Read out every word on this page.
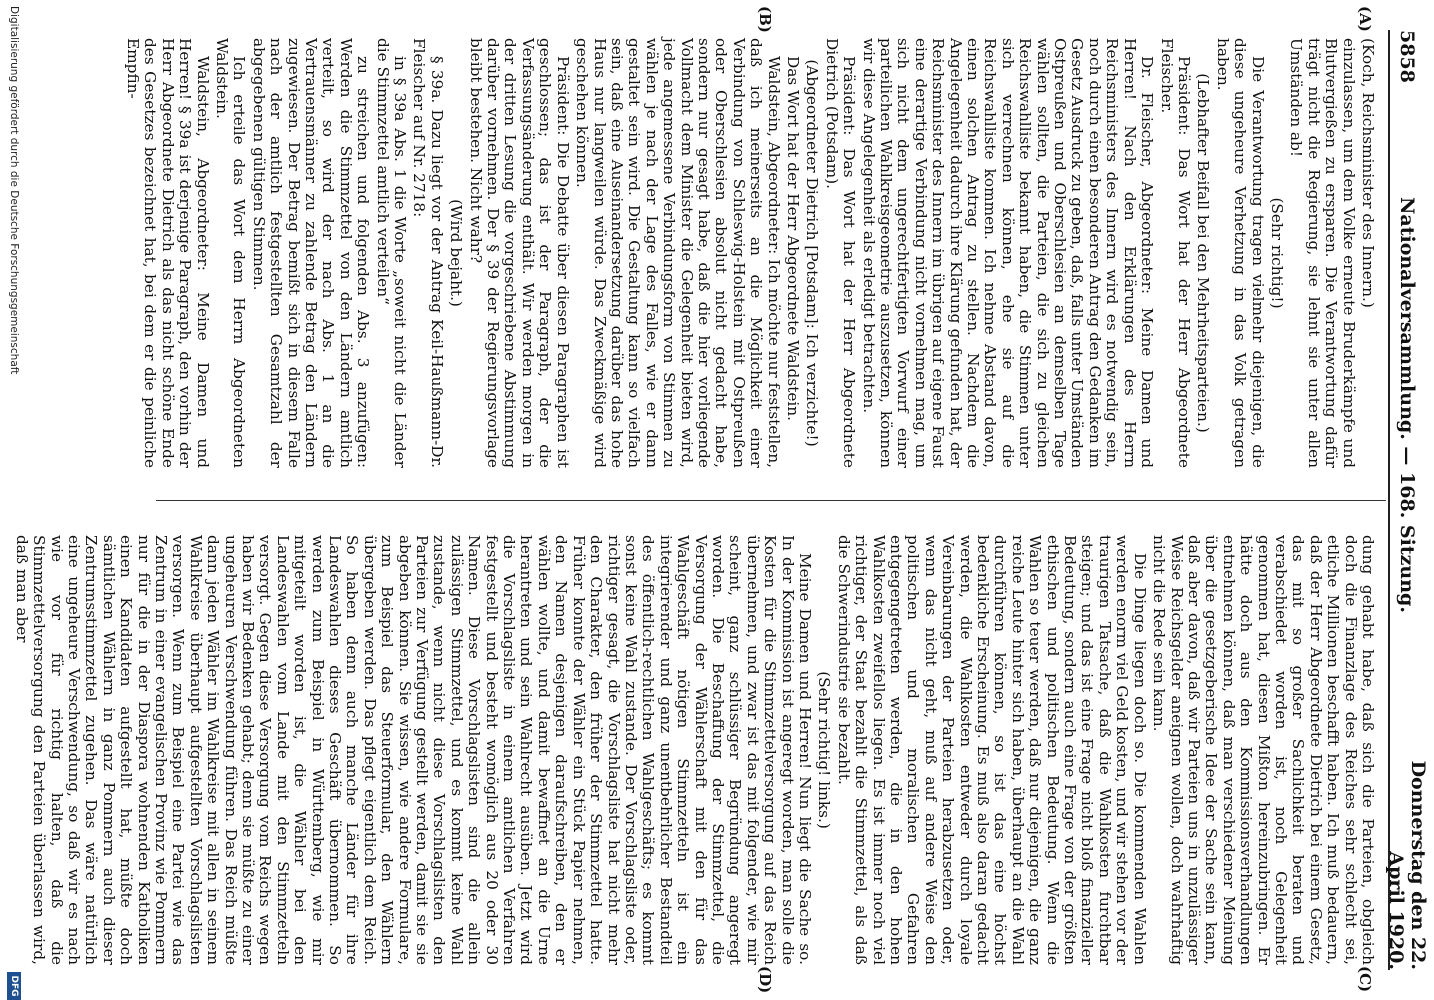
5858
Nationalversammlung. — 168. Sitzung.
Donnerstag den 22. April 1920.
(A)
(B)
(C)
(D)

(Koch, Reichsminister des Innern.)

einzulassen, um dem Volke erneute Bruderkämpfe und Blutvergießen zu ersparen. Die Verantwortung dafür trägt nicht die Regierung, sie lehnt sie unter allen Umständen ab!

(Sehr richtig!)

Die Verantwortung tragen vielmehr diejenigen, die diese ungeheure Verhetzung in das Volk getragen haben.

(Lebhafter Beifall bei den Mehrheitsparteien.)

Präsident: Das Wort hat der Herr Abgeordnete Fleischer.

Dr. Fleischer, Abgeordneter: Meine Damen und Herren! Nach den Erklärungen des Herrn Reichsministers des Innern wird es notwendig sein, noch durch einen besonderen Antrag den Gedanken im Gesetz Ausdruck zu geben, daß, falls unter Umständen Ostpreußen und Oberschlesien an demselben Tage wählen sollten, die Parteien, die sich zu gleichen Reichswahlliste bekannt haben, die Stimmen unter sich verrechnen können, ehe sie auf die Reichswahlliste kommen. Ich nehme Abstand davon, einen solchen Antrag zu stellen. Nachdem die Angelegenheit dadurch ihre Klärung gefunden hat, der Reichsminister des Innern im übrigen auf eigene Faust eine derartige Verbindung nicht vornehmen mag, um sich nicht dem ungerechtfertigten Vorwurf einer parteilichen Wahlkreisgeometrie auszusetzen, können wir diese Angelegenheit als erledigt betrachten.

Präsident: Das Wort hat der Herr Abgeordnete Dietrich (Potsdam).

(Abgeordneter Dietrich [Potsdam]: Ich verzichte!)

Das Wort hat der Herr Abgeordnete Waldstein.

Waldstein, Abgeordneter: Ich möchte nur feststellen, daß ich meinerseits an die Möglichkeit einer Verbindung von Schleswig-Holstein mit Ostpreußen oder Oberschlesien absolut nicht gedacht habe, sondern nur gesagt habe, daß die hier vorliegende Vollmacht dem Minister die Gelegenheit bieten wird, jede angemessene Verbindungsform von Stimmen zu wählen je nach der Lage des Falles, wie er dann gestaltet sein wird. Die Gestaltung kann so vielfach sein, daß eine Auseinandersetzung darüber das hohe Haus nur langweilen würde. Das Zweckmäßige wird geschehen können.

Präsident: Die Debatte über diesen Paragraphen ist geschlossen; das ist der Paragraph, der die Verfassungsänderung enthält. Wir werden morgen in der dritten Lesung die vorgeschriebene Abstimmung darüber vornehmen. Der § 39 der Regierungsvorlage bleibt bestehen. Nicht wahr?

(Wird bejaht.)

§ 39a. Dazu liegt vor der Antrag Keil-Haußmann-Dr. Fleischer auf Nr. 2718:

in § 39a Abs. 1 die Worte „soweit nicht die Länder die Stimmzettel amtlich verteilen“

zu streichen und folgenden Abs. 3 anzufügen: Werden die Stimmzettel von den Ländern amtlich verteilt, so wird der nach Abs. 1 an die Vertrauensmänner zu zahlende Betrag den Ländern zugewiesen. Der Betrag bemißt sich in diesem Falle nach der amtlich festgestellten Gesamtzahl der abgegebenen gültigen Stimmen.

Ich erteile das Wort dem Herrn Abgeordneten Waldstein.

Waldstein, Abgeordneter: Meine Damen und Herren! § 39a ist derjenige Paragraph, den vorhin der Herr Abgeordnete Dietrich als das nicht schöne Ende des Gesetzes bezeichnet hat, bei dem er die peinliche Empfin-

dung gehabt habe, daß sich die Parteien, obgleich doch die Finanzlage des Reiches sehr schlecht sei, etliche Millionen beschafft haben. Ich muß bedauern, daß der Herr Abgeordnete Dietrich bei einem Gesetz, das mit so großer Sachlichkeit beraten und verabschiedet worden ist, noch Gelegenheit genommen hat, diesen Mißton hereinzubringen. Er hätte doch aus den Kommissionsverhandlungen entnehmen können, daß man verschiedener Meinung über die gesetzgeberische Idee der Sache sein kann, daß aber davon, daß wir Parteien uns in unzulässiger Weise Reichsgelder aneignen wollen, doch wahrhaftig nicht die Rede sein kann.

Die Dinge liegen doch so. Die kommenden Wahlen werden enorm viel Geld kosten, und wir stehen vor der traurigen Tatsache, daß die Wahlkosten furchtbar steigen; und das ist eine Frage nicht bloß finanzieller Bedeutung, sondern auch eine Frage von der größten ethischen und politischen Bedeutung. Wenn die Wahlen so teuer werden, daß nur diejenigen, die ganz reiche Leute hinter sich haben, überhaupt an die Wahl durchführen können, so ist das eine höchst bedenkliche Erscheinung. Es muß also daran gedacht werden, die Wahlkosten entweder durch loyale Vereinbarungen der Parteien herabzusetzen oder, wenn das nicht geht, muß auf andere Weise den politischen und moralischen Gefahren entgegengetreten werden, die in den hohen Wahlkosten zweifellos liegen. Es ist immer noch viel richtiger, der Staat bezahlt die Stimmzettel, als daß die Schwerindustrie sie bezahlt.

(Sehr richtig! links.)

Meine Damen und Herren! Nun liegt die Sache so. In der Kommission ist angeregt worden, man solle die Kosten für die Stimmzettelversorgung auf das Reich übernehmen, und zwar ist das mit folgender, wie mir scheint, ganz schlüssiger Begründung angeregt worden. Die Beschaffung der Stimmzettel, die Versorgung der Wählerschaft mit den für das Wahlgeschäft nötigen Stimmzetteln ist ein integrierender und ganz unentbehrlicher Bestandteil des öffentlich-rechtlichen Wahlgeschäfts; es kommt sonst keine Wahl zustande. Der Vorschlagsliste oder, richtiger gesagt, die Vorschlagsliste hat nicht mehr den Charakter, den früher der Stimmzettel hatte. Früher konnte der Wähler ein Stück Papier nehmen, den Namen desjenigen daraufschreiben, den er wählen wollte, und damit bewaffnet an die Urne herantreten und sein Wahlrecht ausüben. Jetzt wird die Vorschlagsliste in einem amtlichen Verfahren festgestellt und besteht womöglich aus 20 oder 30 Namen. Diese Vorschlagslisten sind die allein zulässigen Stimmzettel, und es kommt keine Wahl zustande, wenn nicht diese Vorschlagslisten den Parteien zur Verfügung gestellt werden, damit sie sie abgeben können. Sie wissen, wie andere Formulare, zum Beispiel das Steuerformular, den Wählern übergeben werden. Das pflegt eigentlich dem Reich. So haben denn auch manche Länder für ihre Landeswahlen dieses Geschäft übernommen. So werden zum Beispiel in Württemberg, wie mir mitgeteilt worden ist, die Wähler bei den Landeswahlen vom Lande mit den Stimmzetteln versorgt. Gegen diese Versorgung vom Reichs wegen haben wir Bedenken gehabt; denn sie müßte zu einer ungeheuren Verschwendung führen. Das Reich müßte dann jeden Wähler im Wahlkreise mit allen in seinem Wahlkreise überhaupt aufgestellten Vorschlagslisten versorgen. Wenn zum Beispiel eine Partei wie das Zentrum in einer evangelischen Provinz wie Pommern nur für die in der Diaspora wohnenden Katholiken einen Kandidaten aufgestellt hat, müßte doch sämtlichen Wählern in ganz Pommern auch dieser Zentrumsstimmzettel zugehen. Das wäre natürlich eine ungeheure Verschwendung, so daß wir es nach wie vor für richtig halten, daß die Stimmzettelversorgung den Parteien überlassen wird, daß man aber

Digitalisierung gefördert durch die Deutsche Forschungsgemeinschaft
DFG
